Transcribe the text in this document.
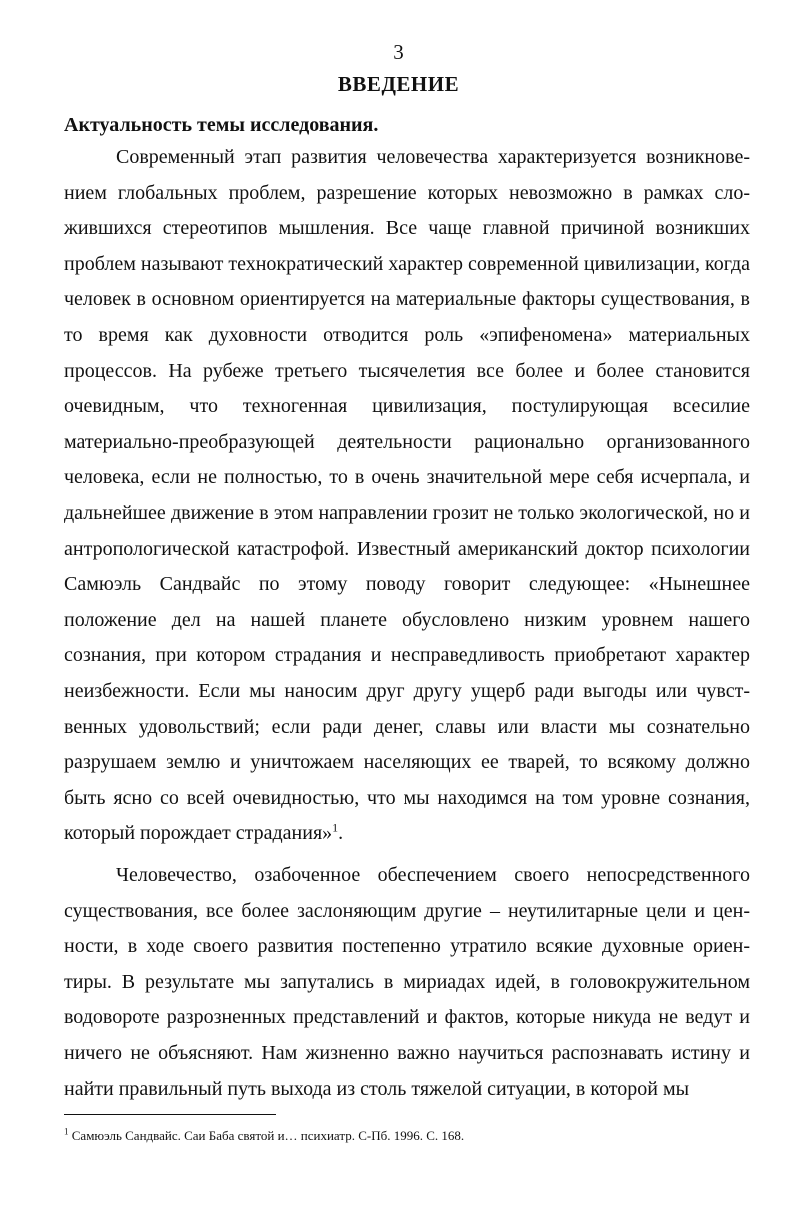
3
ВВЕДЕНИЕ
Актуальность темы исследования.

Современный этап развития человечества характеризуется возникновением глобальных проблем, разрешение которых невозможно в рамках сложившихся стереотипов мышления. Все чаще главной причиной возникших проблем называют технократический характер современной цивилизации, когда человек в основном ориентируется на материальные факторы существования, в то время как духовности отводится роль «эпифеномена» материальных процессов. На рубеже третьего тысячелетия все более и более становится очевидным, что техногенная цивилизация, постулирующая всесилие материально-преобразующей деятельности рационально организованного человека, если не полностью, то в очень значительной мере себя исчерпала, и дальнейшее движение в этом направлении грозит не только экологической, но и антропологической катастрофой. Известный американский доктор психологии Самюэль Сандвайс по этому поводу говорит следующее: «Нынешнее положение дел на нашей планете обусловлено низким уровнем нашего сознания, при котором страдания и несправедливость приобретают характер неизбежности. Если мы наносим друг другу ущерб ради выгоды или чувственных удовольствий; если ради денег, славы или власти мы сознательно разрушаем землю и уничтожаем населяющих ее тварей, то всякому должно быть ясно со всей очевидностью, что мы находимся на том уровне сознания, который порождает страдания»$^1$.

Человечество, озабоченное обеспечением своего непосредственного существования, все более заслоняющим другие – неутилитарные цели и ценности, в ходе своего развития постепенно утратило всякие духовные ориентиры. В результате мы запутались в мириадах идей, в головокружительном водовороте разрозненных представлений и фактов, которые никуда не ведут и ничего не объясняют. Нам жизненно важно научиться распознавать истину и найти правильный путь выхода из столь тяжелой ситуации, в которой мы

$^1$ Самюэль Сандвайс. Саи Баба святой и… психиатр. С-Пб. 1996. С. 168.
